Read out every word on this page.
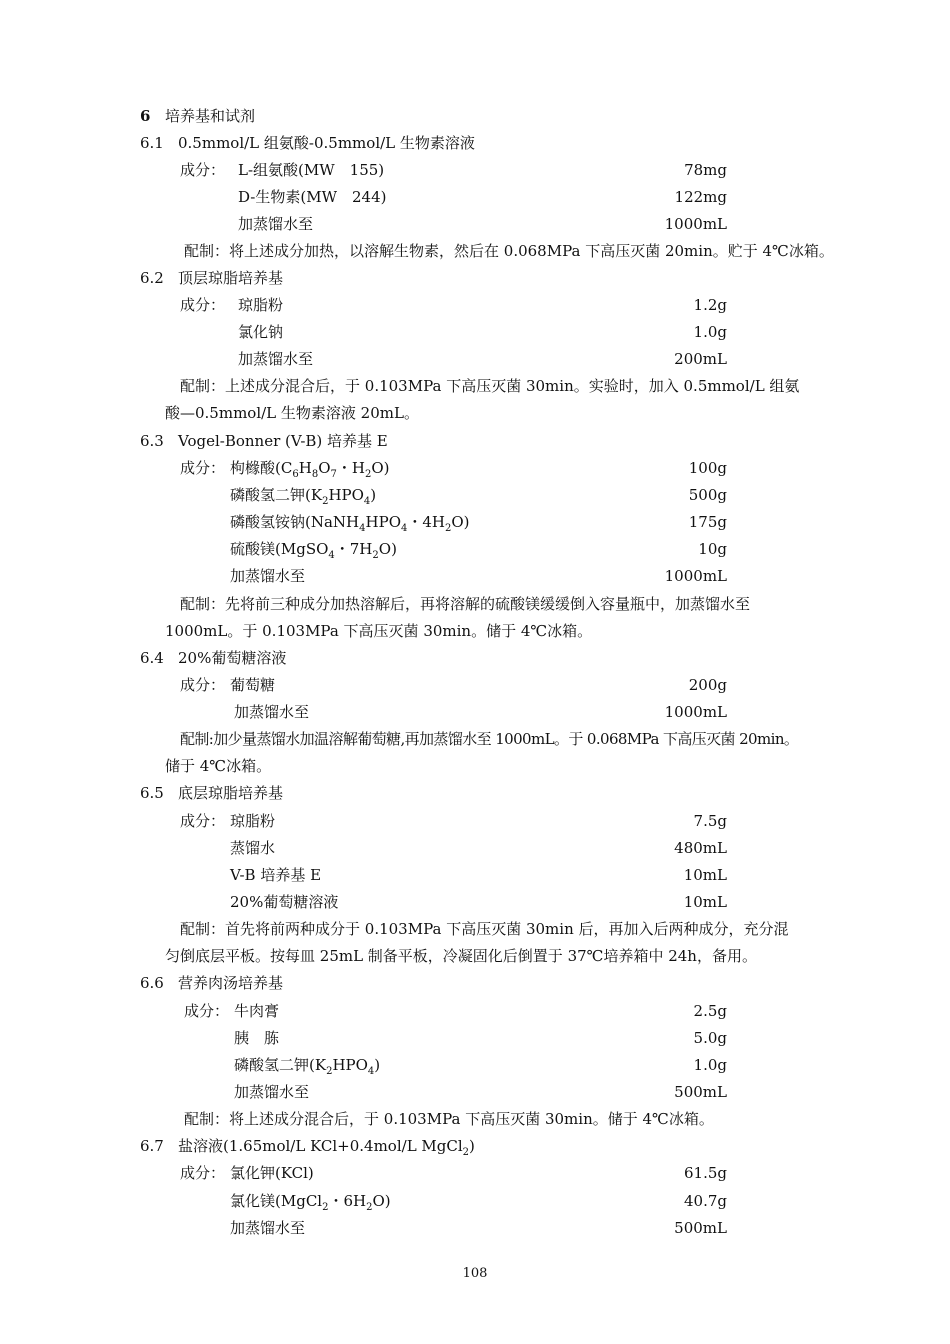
6 培养基和试剂
6.1 0.5mmol/L 组氨酸-0.5mmol/L 生物素溶液
成分： L-组氨酸(MW　155)	78mg
D-生物素(MW　244)	122mg
加蒸馏水至	1000mL
配制：将上述成分加热，以溶解生物素，然后在 0.068MPa 下高压灭菌 20min。贮于 4℃冰箱。
6.2 顶层琼脂培养基
成分： 琼脂粉	1.2g
氯化钠	1.0g
加蒸馏水至	200mL
配制：上述成分混合后，于 0.103MPa 下高压灭菌 30min。实验时，加入 0.5mmol/L 组氨
酸—0.5mmol/L 生物素溶液 20mL。
6.3 Vogel-Bonner (V-B) 培养基 E
成分： 枸橼酸($C_6H_8O_7$・$H_2O$)	100g
磷酸氢二钾$(K_2HPO_4)$	500g
磷酸氢铵钠($NaNH_4HPO_4$・$4H_2O$)	175g
硫酸镁(MgSO$_4$・$7H_2O$)	10g
加蒸馏水至	1000mL
配制：先将前三种成分加热溶解后，再将溶解的硫酸镁缓缓倒入容量瓶中，加蒸馏水至
1000mL。于 0.103MPa 下高压灭菌 30min。储于 4℃冰箱。
6.4 20%葡萄糖溶液
成分： 葡萄糖	200g
加蒸馏水至	1000mL
配制:加少量蒸馏水加温溶解葡萄糖,再加蒸馏水至 1000mL。于 0.068MPa 下高压灭菌 20min。
储于 4℃冰箱。
6.5 底层琼脂培养基
成分： 琼脂粉	7.5g
蒸馏水	480mL
V-B 培养基 E	10mL
20%葡萄糖溶液	10mL
配制：首先将前两种成分于 0.103MPa 下高压灭菌 30min 后，再加入后两种成分，充分混
匀倒底层平板。按每皿 25mL 制备平板，冷凝固化后倒置于 37℃培养箱中 24h，备用。
6.6 营养肉汤培养基
成分： 牛肉膏	2.5g
胰　胨	5.0g
磷酸氢二钾$(K_2HPO_4)$	1.0g
加蒸馏水至	500mL
配制：将上述成分混合后，于 0.103MPa 下高压灭菌 30min。储于 4℃冰箱。
6.7 盐溶液(1.65mol/L KCl+0.4mol/L MgCl$_2$)
成分： 氯化钾(KCl)	61.5g
氯化镁(MgCl$_2$・$6H_2O$)	40.7g
加蒸馏水至	500mL
108
